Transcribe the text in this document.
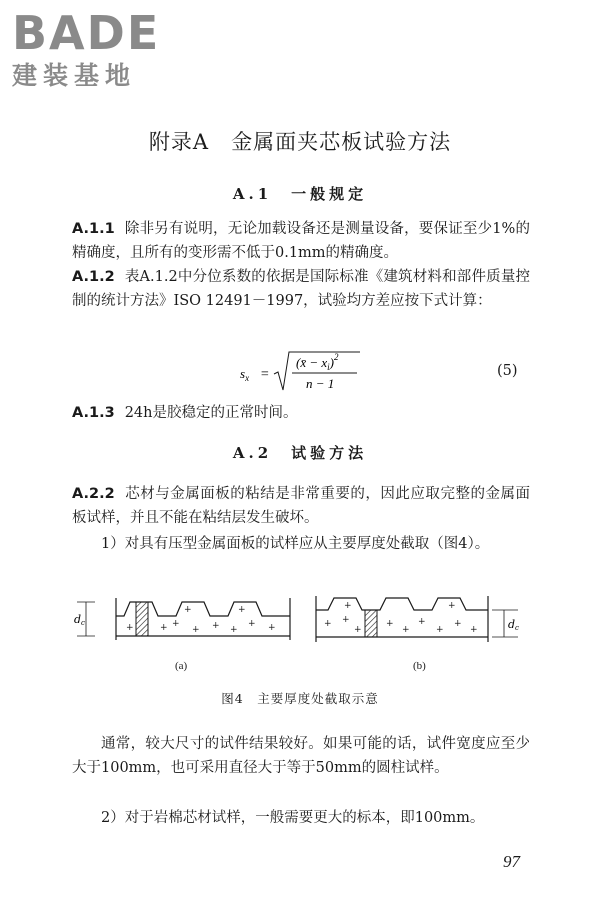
BADE
建装基地
附录A　金属面夹芯板试验方法
A.1　一般规定
A.1.1 除非另有说明，无论加载设备还是测量设备，要保证至少1%的精确度，且所有的变形需不低于0.1mm的精确度。
A.1.2 表A.1.2中分位系数的依据是国际标准《建筑材料和部件质量控制的统计方法》ISO 12491－1997，试验均方差应按下式计算：
$s_x$ =
(x̄ − $x_i)^2$
n − 1
(5)
A.1.3 24h是胶稳定的正常时间。
A.2　试验方法
A.2.2 芯材与金属面板的粘结是非常重要的，因此应取完整的金属面板试样，并且不能在粘结层发生破坏。
1）对具有压型金属面板的试样应从主要厚度处截取（图4）。
dc	+	+ +
+ + +
+ +
+	+
+ +
+
+
+
+
+
+
+
+	+
dc
(a)	(b)
图4　主要厚度处截取示意
通常，较大尺寸的试件结果较好。如果可能的话，试件宽度应至少大于100mm，也可采用直径大于等于50mm的圆柱试样。
2）对于岩棉芯材试样，一般需要更大的标本，即100mm。
97
